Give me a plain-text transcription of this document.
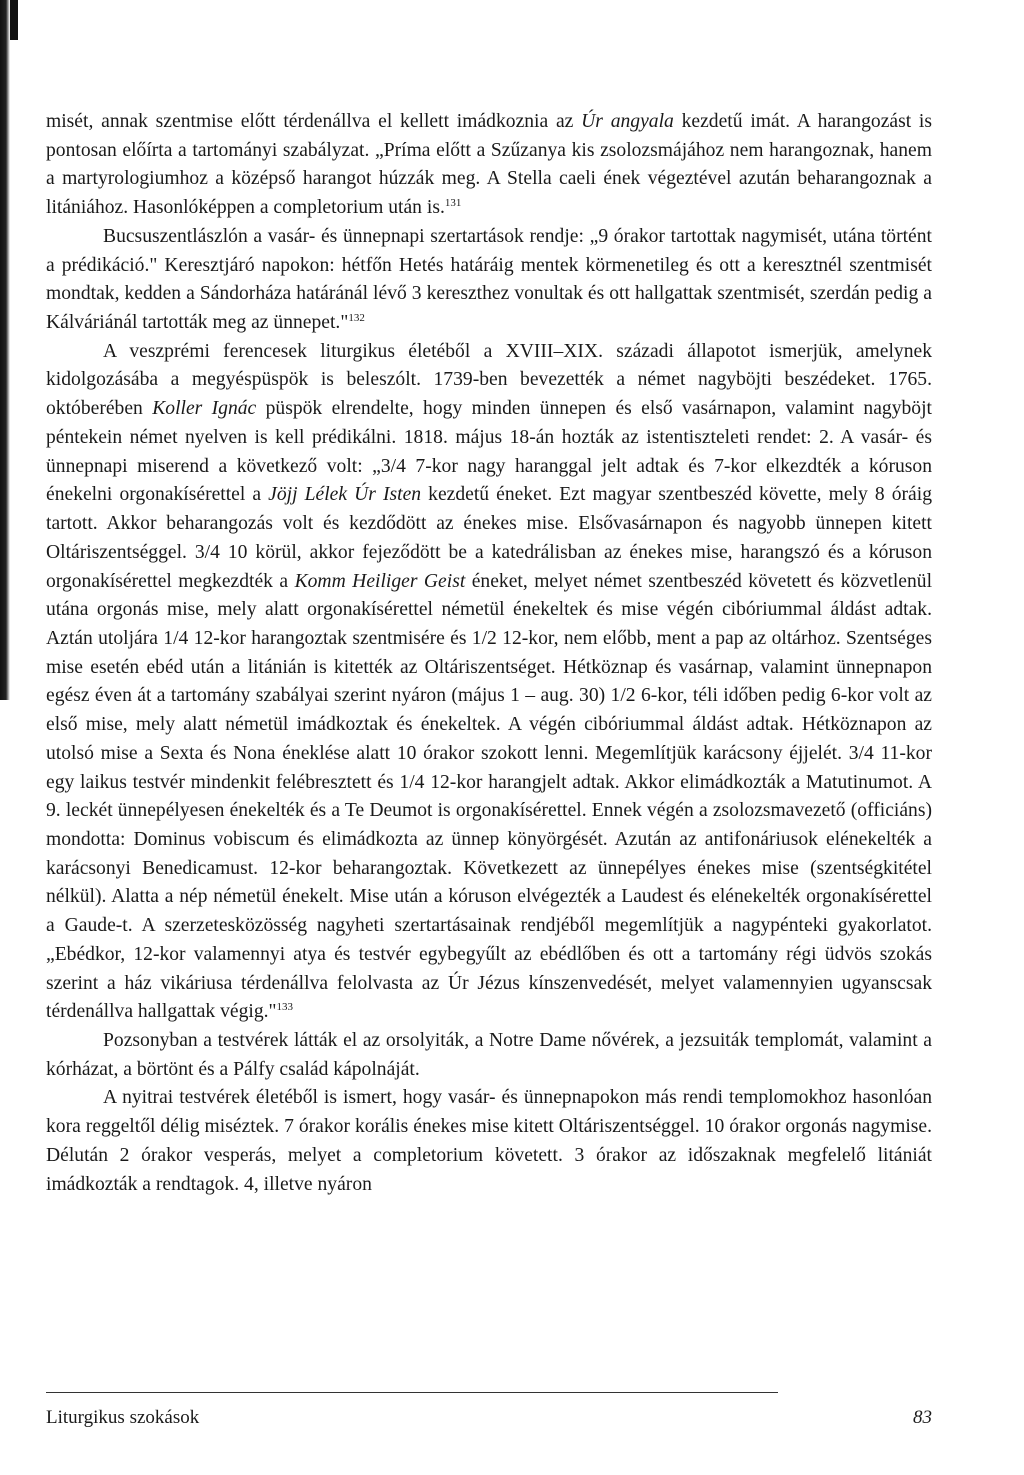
misét, annak szentmise előtt térdenállva el kellett imádkoznia az Úr angyala kezdetű imát. A harangozást is pontosan előírta a tartományi szabályzat. „Príma előtt a Szűzanya kis zsolozsmájához nem harangoznak, hanem a martyrologiumhoz a középső harangot húzzák meg. A Stella caeli ének végeztével azután beharangoznak a litániához. Hasonlóképpen a completorium után is.$^{131}$

Bucsuszentlászlón a vasár- és ünnepnapi szertartások rendje: „9 órakor tartottak nagymisét, utána történt a prédikáció." Keresztjáró napokon: hétfőn Hetés határáig mentek körmenetileg és ott a keresztnél szentmisét mondtak, kedden a Sándorháza határánál lévő 3 kereszthez vonultak és ott hallgattak szentmisét, szerdán pedig a Kálváriánál tartották meg az ünnepet."$^{132}$

A veszprémi ferencesek liturgikus életéből a XVIII–XIX. századi állapotot ismerjük, amelynek kidolgozásába a megyéspüspök is beleszólt. 1739-ben bevezették a német nagyböjti beszédeket. 1765. októberében Koller Ignác püspök elrendelte, hogy minden ünnepen és első vasárnapon, valamint nagyböjt péntekein német nyelven is kell prédikálni. 1818. május 18-án hozták az istentiszteleti rendet: 2. A vasár- és ünnepnapi miserend a következő volt: „3/4 7-kor nagy haranggal jelt adtak és 7-kor elkezdték a kóruson énekelni orgonakísérettel a Jöjj Lélek Úr Isten kezdetű éneket. Ezt magyar szentbeszéd követte, mely 8 óráig tartott. Akkor beharangozás volt és kezdődött az énekes mise. Elsővasárnapon és nagyobb ünnepen kitett Oltáriszentséggel. 3/4 10 körül, akkor fejeződött be a katedrálisban az énekes mise, harangszó és a kóruson orgonakísérettel megkezdték a Komm Heiliger Geist éneket, melyet német szentbeszéd követett és közvetlenül utána orgonás mise, mely alatt orgonakísérettel németül énekeltek és mise végén cibóriummal áldást adtak. Aztán utoljára 1/4 12-kor harangoztak szentmisére és 1/2 12-kor, nem előbb, ment a pap az oltárhoz. Szentséges mise esetén ebéd után a litánián is kitették az Oltáriszentséget. Hétköznap és vasárnap, valamint ünnepnapon egész éven át a tartomány szabályai szerint nyáron (május 1 – aug. 30) 1/2 6-kor, téli időben pedig 6-kor volt az első mise, mely alatt németül imádkoztak és énekeltek. A végén cibóriummal áldást adtak. Hétköznapon az utolsó mise a Sexta és Nona éneklése alatt 10 órakor szokott lenni. Megemlítjük karácsony éjjelét. 3/4 11-kor egy laikus testvér mindenkit felébresztett és 1/4 12-kor harangjelt adtak. Akkor elimádkozták a Matutinumot. A 9. leckét ünnepélyesen énekelték és a Te Deumot is orgonakísérettel. Ennek végén a zsolozsmavezető (officiáns) mondotta: Dominus vobiscum és elimádkozta az ünnep könyörgését. Azután az antifonáriusok elénekelték a karácsonyi Benedicamust. 12-kor beharangoztak. Következett az ünnepélyes énekes mise (szentségkitétel nélkül). Alatta a nép németül énekelt. Mise után a kóruson elvégezték a Laudest és elénekelték orgonakísérettel a Gaude-t. A szerzetesközösség nagyheti szertartásainak rendjéből megemlítjük a nagypénteki gyakorlatot. „Ebédkor, 12-kor valamennyi atya és testvér egybegyűlt az ebédlőben és ott a tartomány régi üdvös szokás szerint a ház vikáriusa térdenállva felolvasta az Úr Jézus kínszenvedését, melyet valamennyien ugyanscsak térdenállva hallgattak végig."$^{133}$

Pozsonyban a testvérek látták el az orsolyiták, a Notre Dame nővérek, a jezsuiták templomát, valamint a kórházat, a börtönt és a Pálfy család kápolnáját.

A nyitrai testvérek életéből is ismert, hogy vasár- és ünnepnapokon más rendi templomokhoz hasonlóan kora reggeltől délig miséztek. 7 órakor korális énekes mise kitett Oltáriszentséggel. 10 órakor orgonás nagymise. Délután 2 órakor vesperás, melyet a completorium követett. 3 órakor az időszaknak megfelelő litániát imádkozták a rendtagok. 4, illetve nyáron

Liturgikus szokások	83
